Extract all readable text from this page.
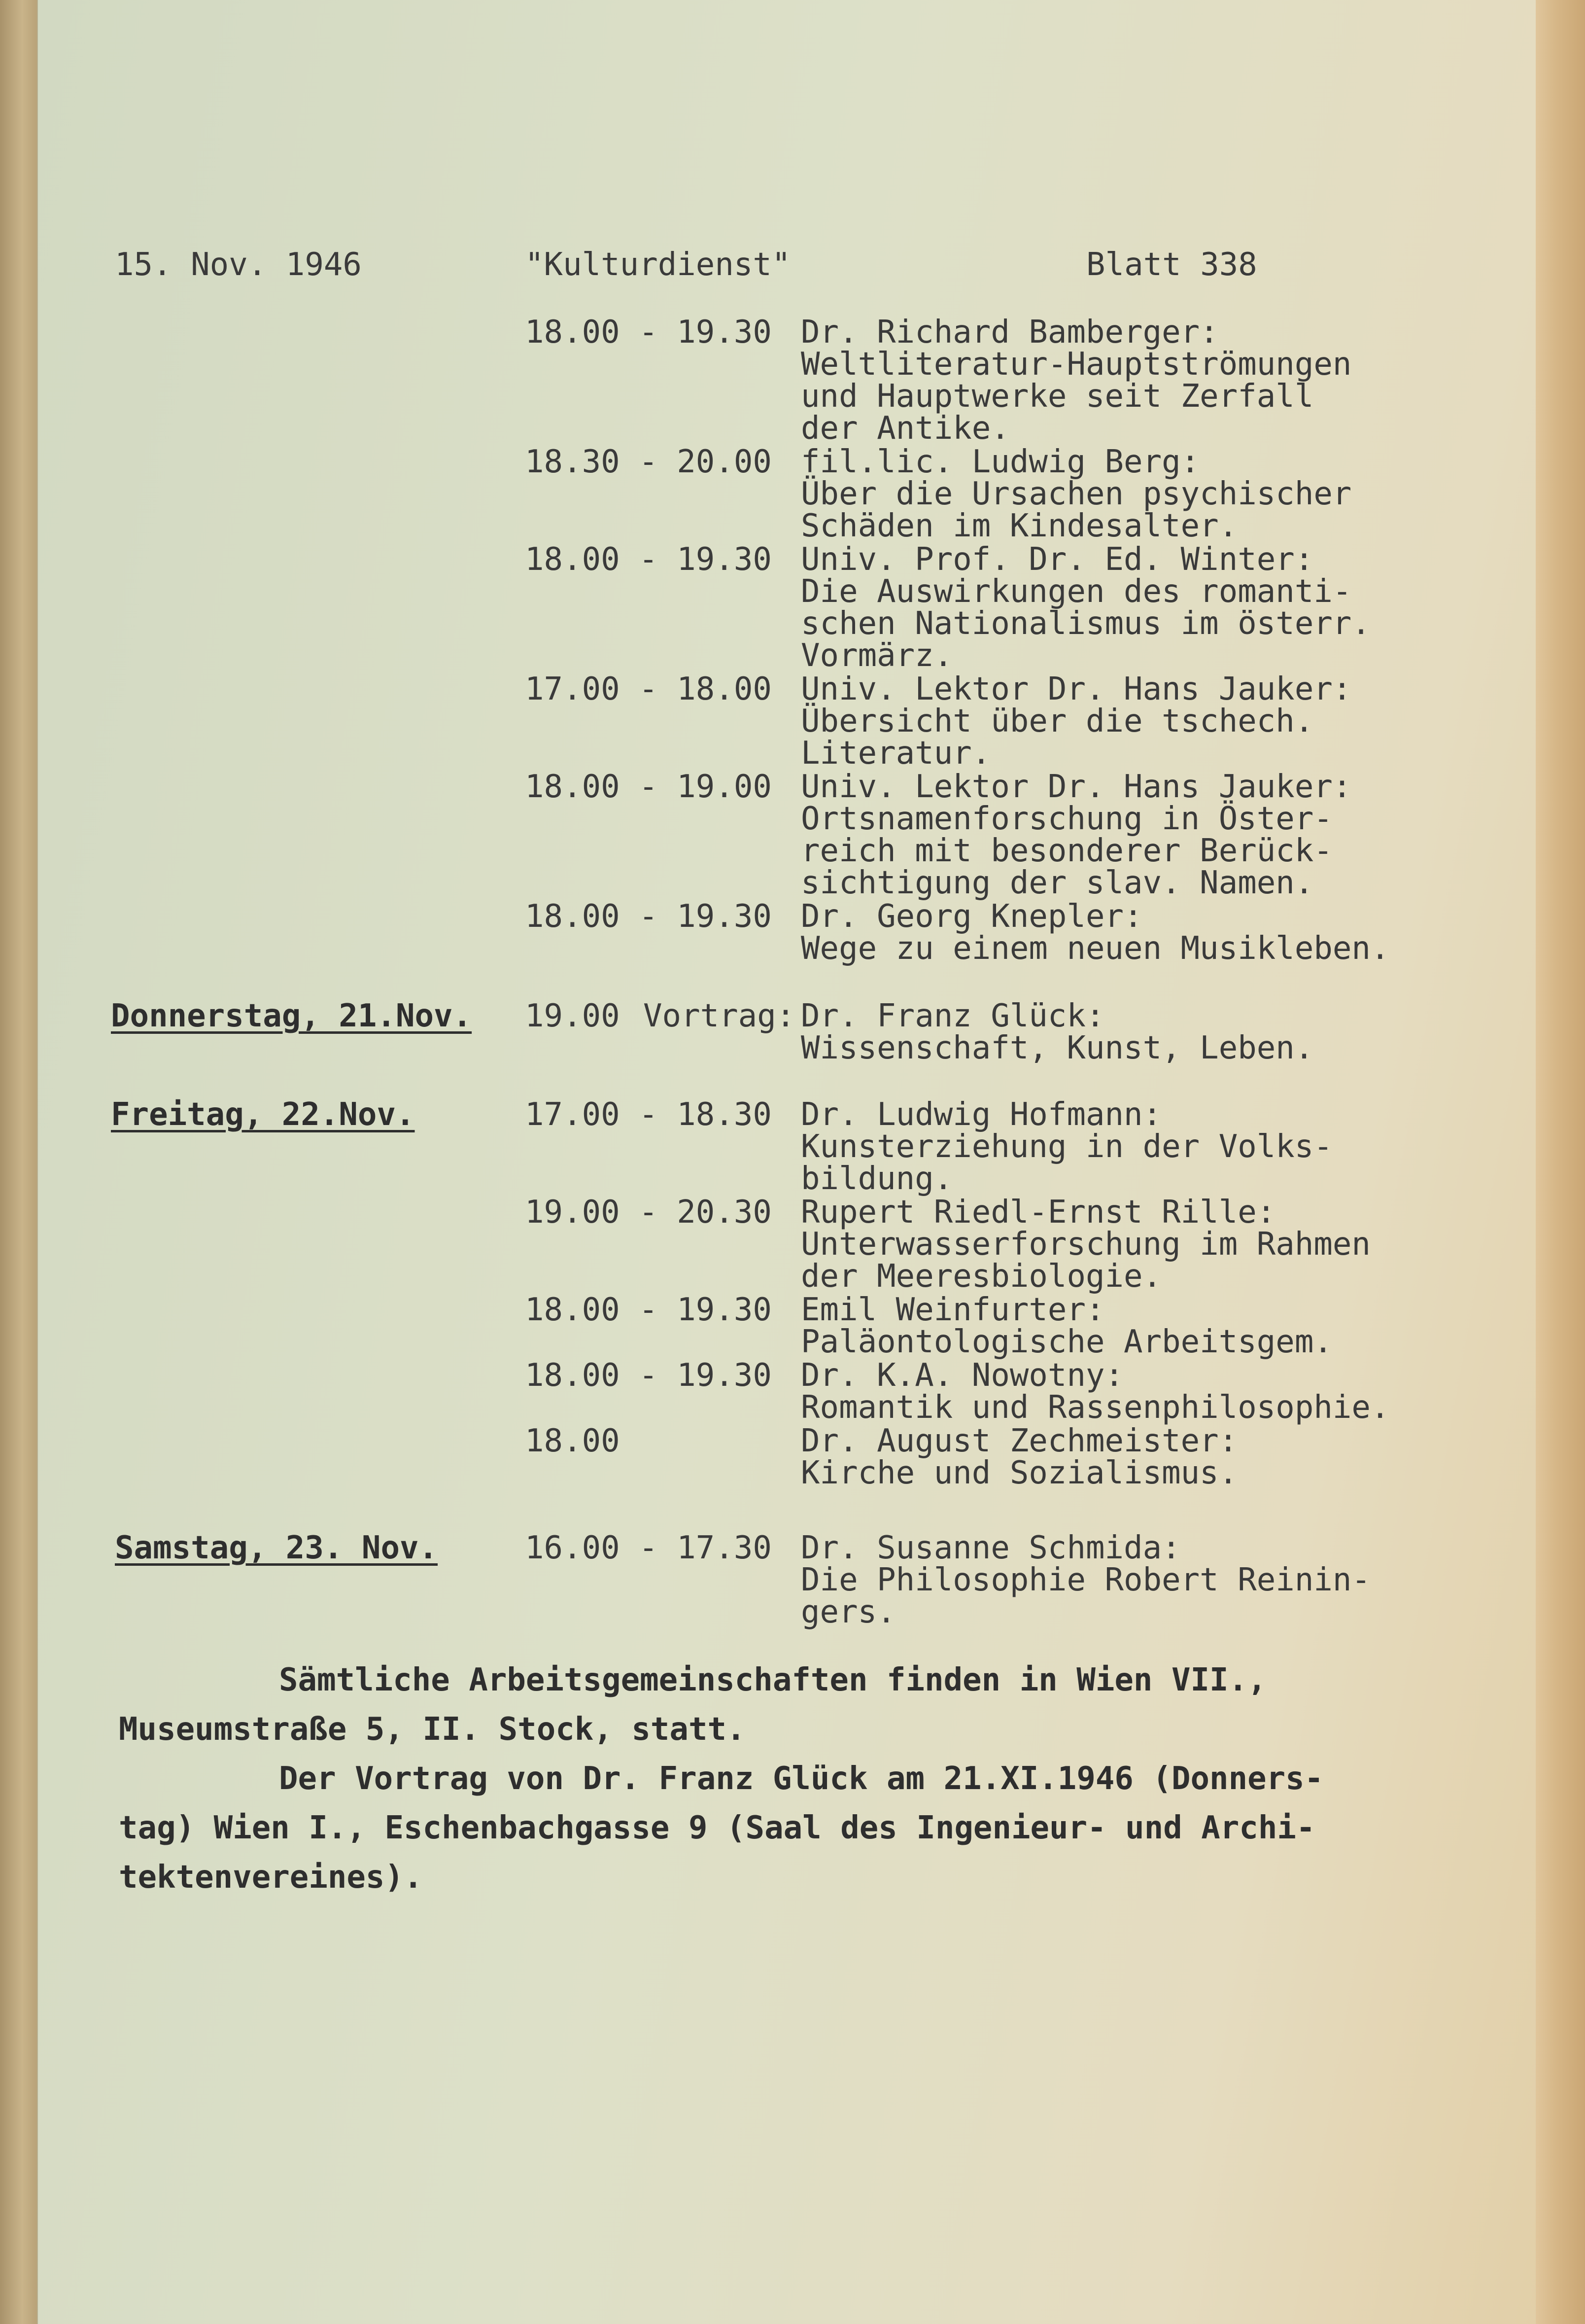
15. Nov. 1946	"Kulturdienst"	Blatt 338

18.00 - 19.30 Dr. Richard Bamberger:

Weltliteratur-Hauptströmungen

und Hauptwerke seit Zerfall

der Antike.

18.30 - 20.00 fil.lic. Ludwig Berg:

Über die Ursachen psychischer

Schäden im Kindesalter.

18.00 - 19.30 Univ. Prof. Dr. Ed. Winter:

Die Auswirkungen des romanti-

schen Nationalismus im österr.

Vormärz.

17.00 - 18.00 Univ. Lektor Dr. Hans Jauker:

Übersicht über die tschech.

Literatur.

18.00 - 19.00 Univ. Lektor Dr. Hans Jauker:

Ortsnamenforschung in Öster-

reich mit besonderer Berück-

sichtigung der slav. Namen.

18.00 - 19.30 Dr. Georg Knepler:

Wege zu einem neuen Musikleben.

Donnerstag, 21.Nov. 19.00 Vortrag: Dr. Franz Glück:

Wissenschaft, Kunst, Leben.

Freitag, 22.Nov.	17.00 - 18.30 Dr. Ludwig Hofmann:

Kunsterziehung in der Volks-

bildung.

19.00 - 20.30 Rupert Riedl-Ernst Rille:

Unterwasserforschung im Rahmen

der Meeresbiologie.

18.00 - 19.30 Emil Weinfurter:

Paläontologische Arbeitsgem.

18.00 - 19.30 Dr. K.A. Nowotny:

Romantik und Rassenphilosophie.

18.00	Dr. August Zechmeister:

Kirche und Sozialismus.

Samstag, 23. Nov.	16.00 - 17.30 Dr. Susanne Schmida:

Die Philosophie Robert Reinin-

gers.

Sämtliche Arbeitsgemeinschaften finden in Wien VII.,

Museumstraße 5, II. Stock, statt.

Der Vortrag von Dr. Franz Glück am 21.XI.1946 (Donners-

tag) Wien I., Eschenbachgasse 9 (Saal des Ingenieur- und Archi-

tektenvereines).
